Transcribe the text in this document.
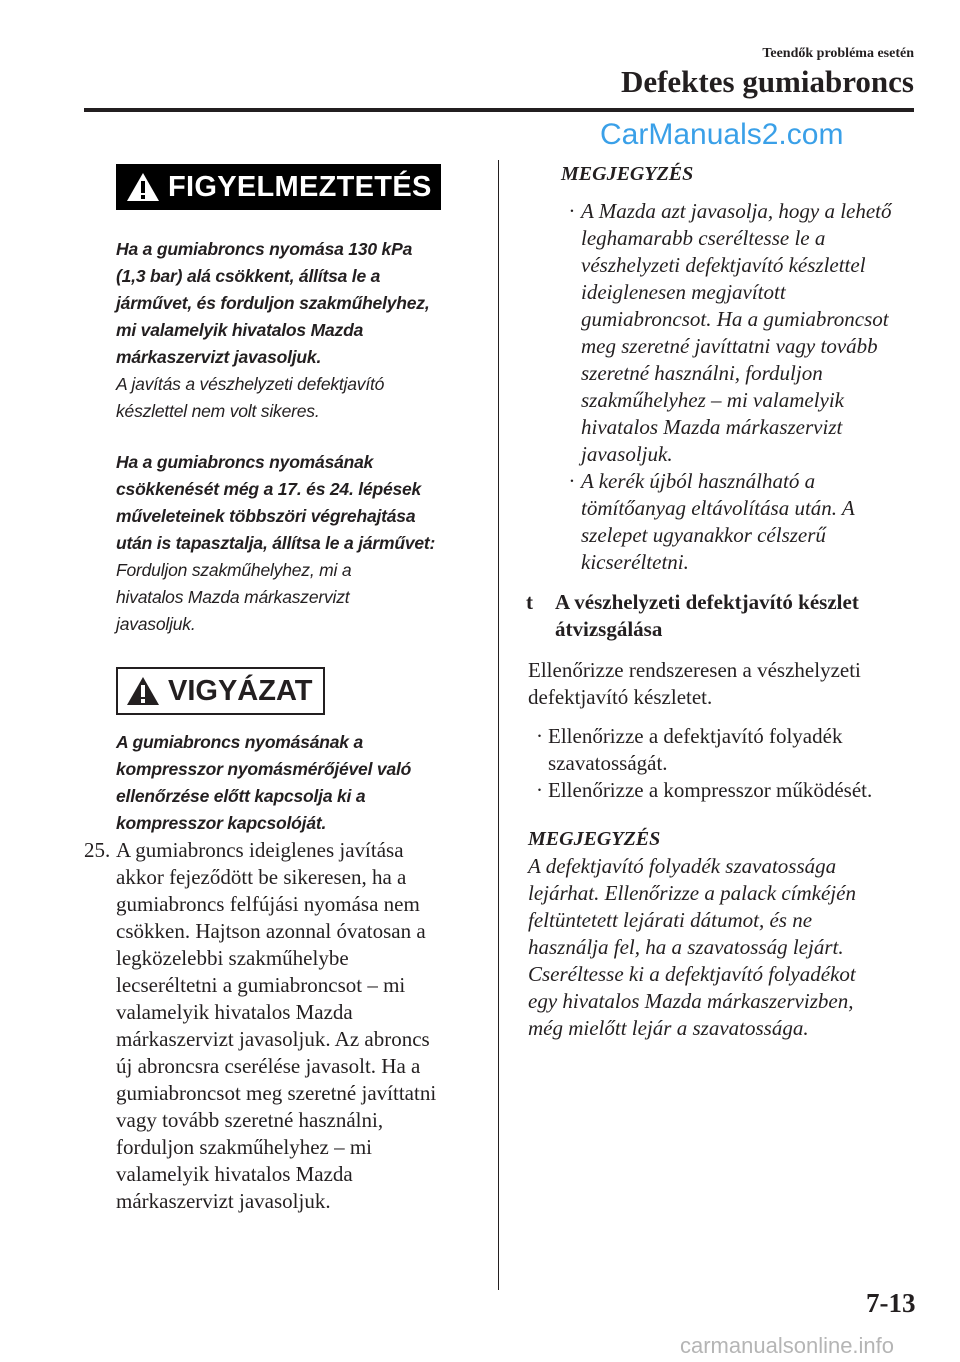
Teendők probléma esetén
Defektes gumiabroncs
FIGYELMEZTETÉS
Ha a gumiabroncs nyomása 130 kPa
(1,3 bar) alá csökkent, állítsa le a
járművet, és forduljon szakműhelyhez,
mi valamelyik hivatalos Mazda
márkaszervizt javasoljuk.
A javítás a vészhelyzeti defektjavító
készlettel nem volt sikeres.
Ha a gumiabroncs nyomásának
csökkenését még a 17. és 24. lépések
műveleteinek többszöri végrehajtása
után is tapasztalja, állítsa le a járművet:
Forduljon szakműhelyhez, mi a
hivatalos Mazda márkaszervizt
javasoljuk.
VIGYÁZAT
A gumiabroncs nyomásának a
kompresszor nyomásmérőjével való
ellenőrzése előtt kapcsolja ki a
kompresszor kapcsolóját.
25. A gumiabroncs ideiglenes javítása
akkor fejeződött be sikeresen, ha a
gumiabroncs felfújási nyomása nem
csökken. Hajtson azonnal óvatosan a
legközelebbi szakműhelybe
lecseréltetni a gumiabroncsot – mi
valamelyik hivatalos Mazda
márkaszervizt javasoljuk. Az abroncs
új abroncsra cserélése javasolt. Ha a
gumiabroncsot meg szeretné javíttatni
vagy tovább szeretné használni,
forduljon szakműhelyhez – mi
valamelyik hivatalos Mazda
márkaszervizt javasoljuk.
MEGJEGYZÉS
· A Mazda azt javasolja, hogy a lehető
leghamarabb cseréltesse le a
vészhelyzeti defektjavító készlettel
ideiglenesen megjavított
gumiabroncsot. Ha a gumiabroncsot
meg szeretné javíttatni vagy tovább
szeretné használni, forduljon
szakműhelyhez – mi valamelyik
hivatalos Mazda márkaszervizt
javasoljuk.
· A kerék újból használható a
tömítőanyag eltávolítása után. A
szelepet ugyanakkor célszerű
kicseréltetni.
t A vészhelyzeti defektjavító készlet
átvizsgálása
Ellenőrizze rendszeresen a vészhelyzeti
defektjavító készletet.
· Ellenőrizze a defektjavító folyadék
szavatosságát.
· Ellenőrizze a kompresszor működését.
MEGJEGYZÉS
A defektjavító folyadék szavatossága
lejárhat. Ellenőrizze a palack címkéjén
feltüntetett lejárati dátumot, és ne
használja fel, ha a szavatosság lejárt.
Cseréltesse ki a defektjavító folyadékot
egy hivatalos Mazda márkaszervizben,
még mielőtt lejár a szavatossága.
7-13
CarManuals2.com
carmanualsonline.info
